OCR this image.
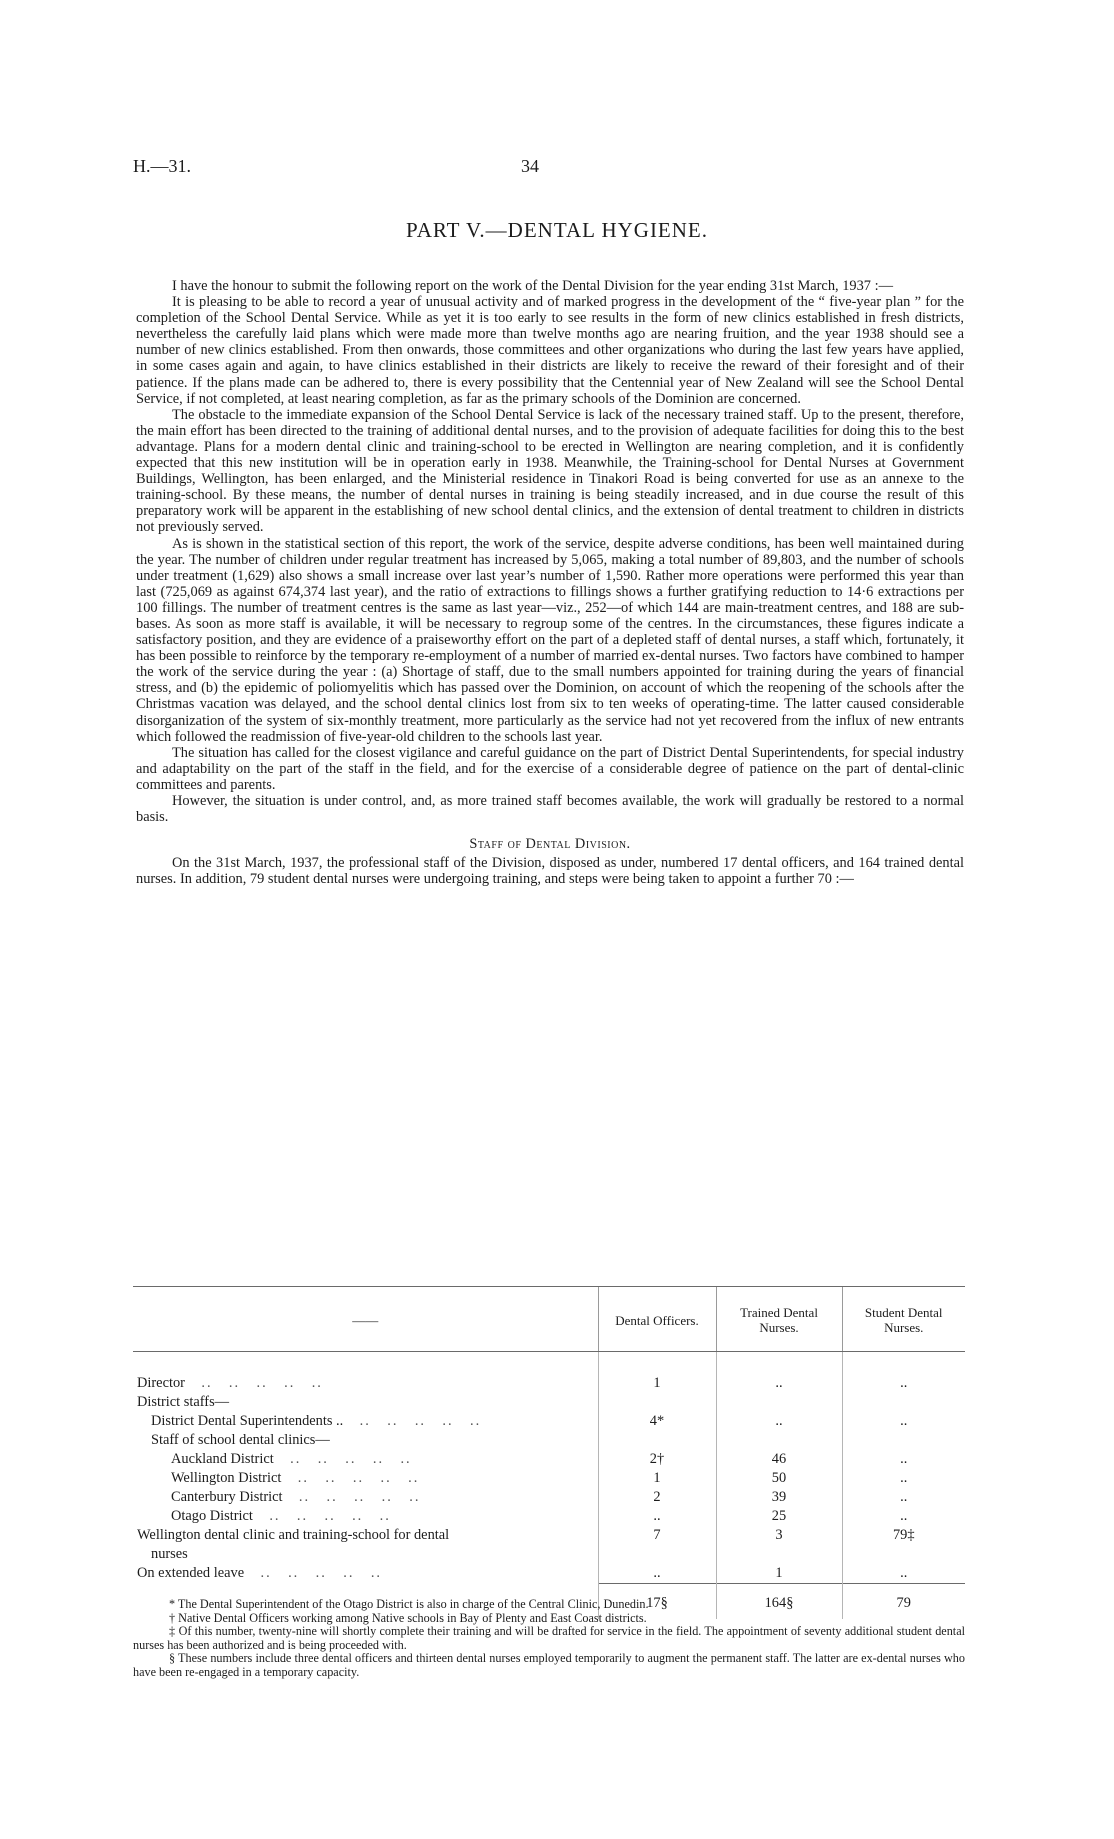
H.—31.	34
PART V.—DENTAL HYGIENE.

I have the honour to submit the following report on the work of the Dental Division for the year ending 31st March, 1937 :—

It is pleasing to be able to record a year of unusual activity and of marked progress in the development of the “ five-year plan ” for the completion of the School Dental Service. While as yet it is too early to see results in the form of new clinics established in fresh districts, nevertheless the carefully laid plans which were made more than twelve months ago are nearing fruition, and the year 1938 should see a number of new clinics established. From then onwards, those committees and other organizations who during the last few years have applied, in some cases again and again, to have clinics established in their districts are likely to receive the reward of their foresight and of their patience. If the plans made can be adhered to, there is every possibility that the Centennial year of New Zealand will see the School Dental Service, if not completed, at least nearing completion, as far as the primary schools of the Dominion are concerned.

The obstacle to the immediate expansion of the School Dental Service is lack of the necessary trained staff. Up to the present, therefore, the main effort has been directed to the training of additional dental nurses, and to the provision of adequate facilities for doing this to the best advantage. Plans for a modern dental clinic and training-school to be erected in Wellington are nearing completion, and it is confidently expected that this new institution will be in operation early in 1938. Meanwhile, the Training-school for Dental Nurses at Government Buildings, Wellington, has been enlarged, and the Ministerial residence in Tinakori Road is being converted for use as an annexe to the training-school. By these means, the number of dental nurses in training is being steadily increased, and in due course the result of this preparatory work will be apparent in the establishing of new school dental clinics, and the extension of dental treatment to children in districts not previously served.

As is shown in the statistical section of this report, the work of the service, despite adverse conditions, has been well maintained during the year. The number of children under regular treatment has increased by 5,065, making a total number of 89,803, and the number of schools under treatment (1,629) also shows a small increase over last year’s number of 1,590. Rather more operations were performed this year than last (725,069 as against 674,374 last year), and the ratio of extractions to fillings shows a further gratifying reduction to 14·6 extractions per 100 fillings. The number of treatment centres is the same as last year—viz., 252—of which 144 are main-treatment centres, and 188 are sub-bases. As soon as more staff is available, it will be necessary to regroup some of the centres. In the circumstances, these figures indicate a satisfactory position, and they are evidence of a praiseworthy effort on the part of a depleted staff of dental nurses, a staff which, fortunately, it has been possible to reinforce by the temporary re-employment of a number of married ex-dental nurses. Two factors have combined to hamper the work of the service during the year : (a) Shortage of staff, due to the small numbers appointed for training during the years of financial stress, and (b) the epidemic of poliomyelitis which has passed over the Dominion, on account of which the reopening of the schools after the Christmas vacation was delayed, and the school dental clinics lost from six to ten weeks of operating-time. The latter caused considerable disorganization of the system of six-monthly treatment, more particularly as the service had not yet recovered from the influx of new entrants which followed the readmission of five-year-old children to the schools last year.

The situation has called for the closest vigilance and careful guidance on the part of District Dental Superintendents, for special industry and adaptability on the part of the staff in the field, and for the exercise of a considerable degree of patience on the part of dental-clinic committees and parents.

However, the situation is under control, and, as more trained staff becomes available, the work will gradually be restored to a normal basis.

Staff of Dental Division.

On the 31st March, 1937, the professional staff of the Division, disposed as under, numbered 17 dental officers, and 164 trained dental nurses. In addition, 79 student dental nurses were undergoing training, and steps were being taken to appoint a further 70 :—

——	Dental Officers.	Trained Dental Nurses.	Student Dental Nurses.

Director .. .. .. .. ..	1	..	..
District staffs—			
District Dental Superintendents .. .. .. .. .. ..	4*	..	..
Staff of school dental clinics—			
Auckland District .. .. .. .. ..	2†	46	..
Wellington District .. .. .. .. ..	1	50	..
Canterbury District .. .. .. .. ..	2	39	..
Otago District .. .. .. .. ..	..	25	..
Wellington dental clinic and training-school for dental	7	3	79‡
nurses			
On extended leave .. .. .. .. ..	..	1	..
	17§	164§	79

* The Dental Superintendent of the Otago District is also in charge of the Central Clinic, Dunedin.

† Native Dental Officers working among Native schools in Bay of Plenty and East Coast districts.

‡ Of this number, twenty-nine will shortly complete their training and will be drafted for service in the field. The appointment of seventy additional student dental nurses has been authorized and is being proceeded with.

§ These numbers include three dental officers and thirteen dental nurses employed temporarily to augment the permanent staff. The latter are ex-dental nurses who have been re-engaged in a temporary capacity.
